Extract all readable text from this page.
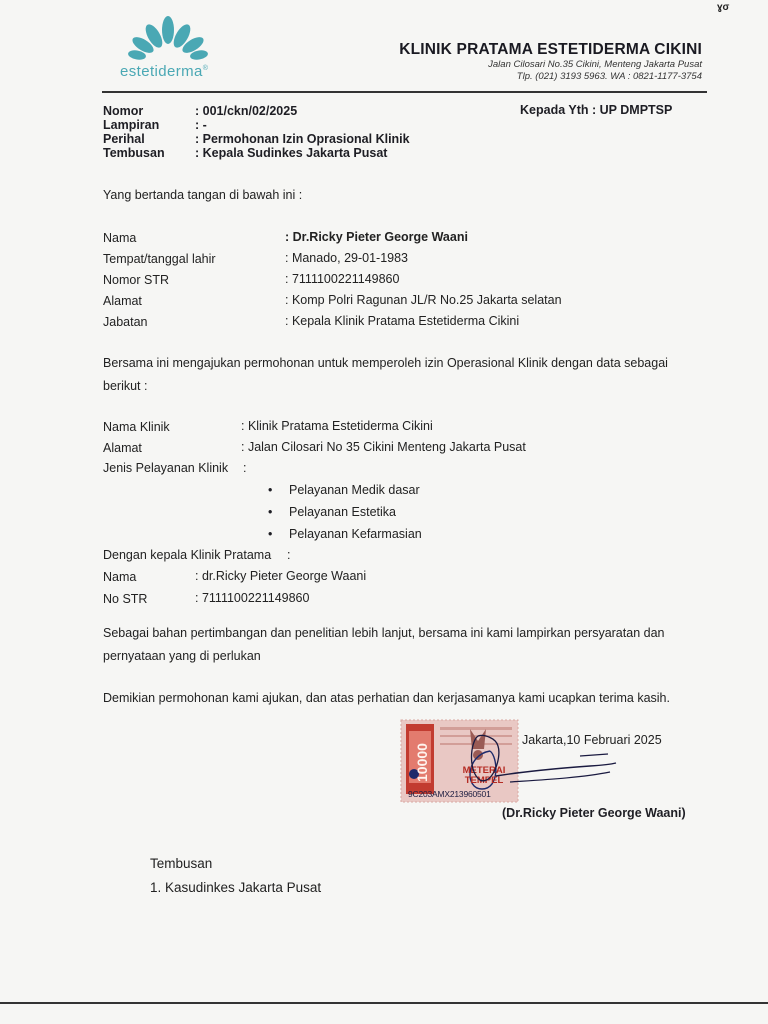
ɣσ
estetiderma®
KLINIK PRATAMA ESTETIDERMA CIKINI
Jalan Cilosari No.35 Cikini, Menteng Jakarta Pusat
Tlp. (021) 3193 5963. WA : 0821-1177-3754
Nomor	: 001/ckn/02/2025
Lampiran	: -
Perihal	: Permohonan Izin Oprasional Klinik
Tembusan : Kepala Sudinkes Jakarta Pusat
Kepada Yth : UP DMPTSP
Yang bertanda tangan di bawah ini :
Nama	: Dr.Ricky Pieter George Waani
Tempat/tanggal lahir	: Manado, 29-01-1983
Nomor STR	: 7111100221149860
Alamat	: Komp Polri Ragunan JL/R No.25 Jakarta selatan
Jabatan	: Kepala Klinik Pratama Estetiderma Cikini
Bersama ini mengajukan permohonan untuk memperoleh izin Operasional Klinik dengan data sebagai berikut :
Nama Klinik	: Klinik Pratama Estetiderma Cikini
Alamat	: Jalan Cilosari No 35 Cikini Menteng Jakarta Pusat
Jenis Pelayanan Klinik :
• Pelayanan Medik dasar
• Pelayanan Estetika
• Pelayanan Kefarmasian
Dengan kepala Klinik Pratama :
Nama	: dr.Ricky Pieter George Waani
No STR	: 7111100221149860
Sebagai bahan pertimbangan dan penelitian lebih lanjut, bersama ini kami lampirkan persyaratan dan pernyataan yang di perlukan
Demikian permohonan kami ajukan, dan atas perhatian dan kerjasamanya kami ucapkan terima kasih.
10000	METERAI TEMPEL
9C203AMX213960501
Jakarta,10 Februari 2025
(Dr.Ricky Pieter George Waani)
Tembusan
1. Kasudinkes Jakarta Pusat
